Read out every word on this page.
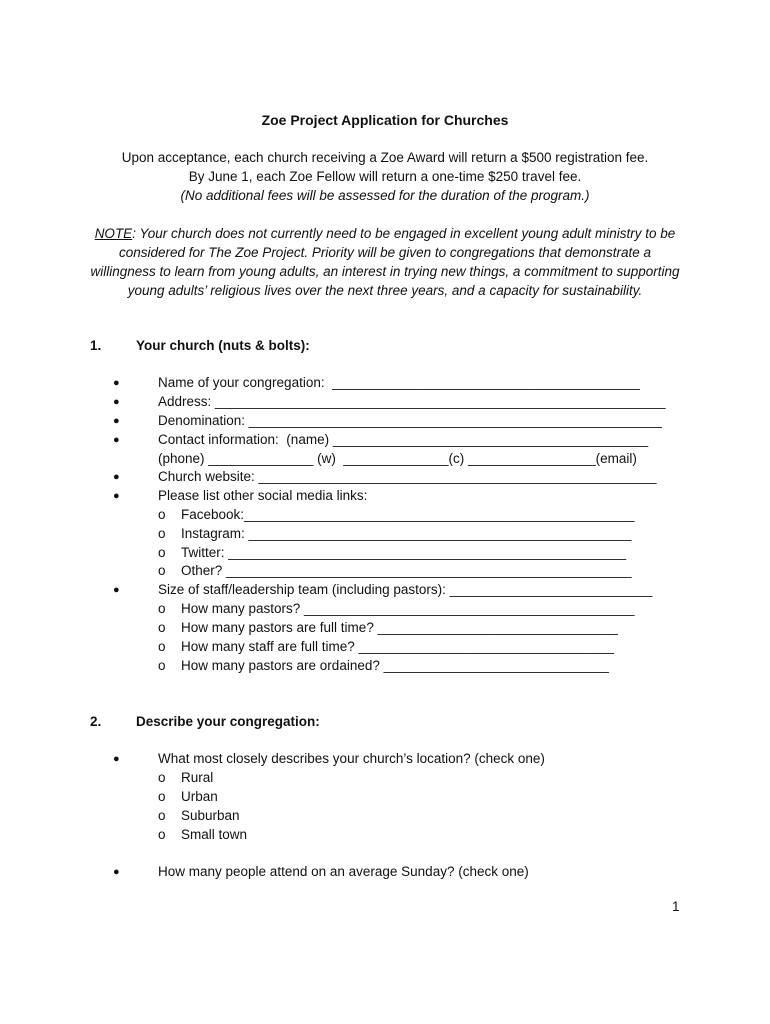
Zoe Project Application for Churches
Upon acceptance, each church receiving a Zoe Award will return a $500 registration fee.
By June 1, each Zoe Fellow will return a one-time $250 travel fee.
(No additional fees will be assessed for the duration of the program.)
NOTE: Your church does not currently need to be engaged in excellent young adult ministry to be considered for The Zoe Project. Priority will be given to congregations that demonstrate a willingness to learn from young adults, an interest in trying new things, a commitment to supporting young adults’ religious lives over the next three years, and a capacity for sustainability.
1.	Your church (nuts & bolts):
●	Name of your congregation:  _________________________________________
●	Address: ____________________________________________________________
●	Denomination: _______________________________________________________
●	Contact information:  (name) __________________________________________
(phone) ______________ (w)  ______________(c) _________________(email)
●	Church website: _____________________________________________________
●	Please list other social media links:
o Facebook:____________________________________________________
o Instagram: ___________________________________________________
o Twitter: _____________________________________________________
o Other? ______________________________________________________
●	Size of staff/leadership team (including pastors): ___________________________
o How many pastors? ____________________________________________
o How many pastors are full time? ________________________________
o How many staff are full time? __________________________________
o How many pastors are ordained? ______________________________
2.	Describe your congregation:
●	What most closely describes your church’s location? (check one)
o Rural
o Urban
o Suburban
o Small town
●	How many people attend on an average Sunday? (check one)
1
